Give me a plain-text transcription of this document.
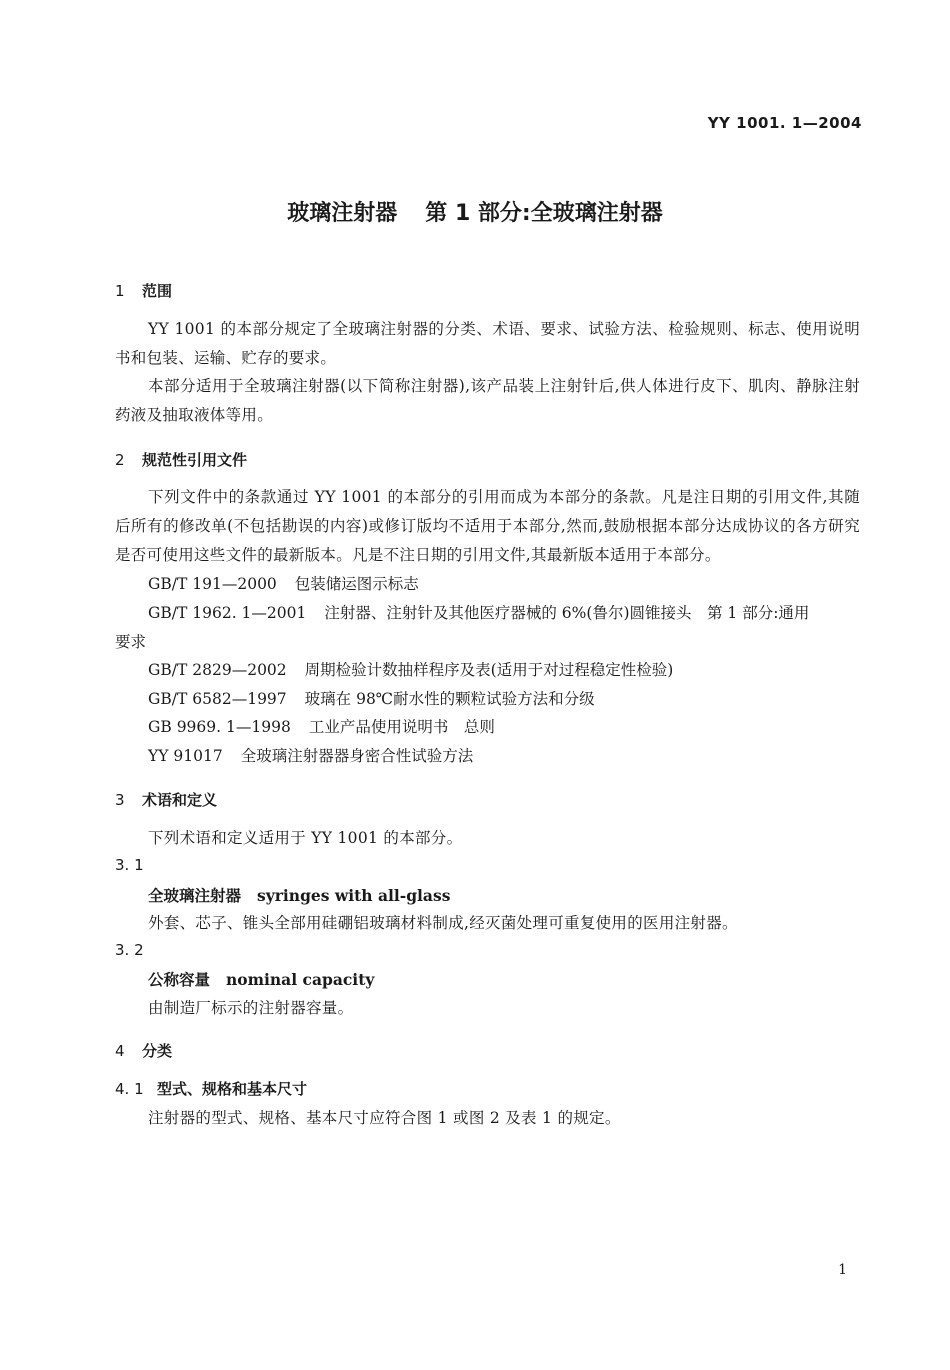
YY 1001. 1—2004
玻璃注射器 第 1 部分:全玻璃注射器
1 范围
YY 1001 的本部分规定了全玻璃注射器的分类、术语、要求、试验方法、检验规则、标志、使用说明书和包装、运输、贮存的要求。
本部分适用于全玻璃注射器(以下简称注射器),该产品装上注射针后,供人体进行皮下、肌肉、静脉注射药液及抽取液体等用。
2 规范性引用文件
下列文件中的条款通过 YY 1001 的本部分的引用而成为本部分的条款。凡是注日期的引用文件,其随后所有的修改单(不包括勘误的内容)或修订版均不适用于本部分,然而,鼓励根据本部分达成协议的各方研究是否可使用这些文件的最新版本。凡是不注日期的引用文件,其最新版本适用于本部分。
GB/T 191—2000 包装储运图示标志
GB/T 1962. 1—2001 注射器、注射针及其他医疗器械的 6%(鲁尔)圆锥接头　第 1 部分:通用
要求
GB/T 2829—2002 周期检验计数抽样程序及表(适用于对过程稳定性检验)
GB/T 6582—1997 玻璃在 98℃耐水性的颗粒试验方法和分级
GB 9969. 1—1998 工业产品使用说明书　总则
YY 91017 全玻璃注射器器身密合性试验方法
3 术语和定义
下列术语和定义适用于 YY 1001 的本部分。
3. 1
全玻璃注射器 syringes with all-glass
外套、芯子、锥头全部用硅硼铝玻璃材料制成,经灭菌处理可重复使用的医用注射器。
3. 2
公称容量 nominal capacity
由制造厂标示的注射器容量。
4 分类
4. 1 型式、规格和基本尺寸
注射器的型式、规格、基本尺寸应符合图 1 或图 2 及表 1 的规定。
1
